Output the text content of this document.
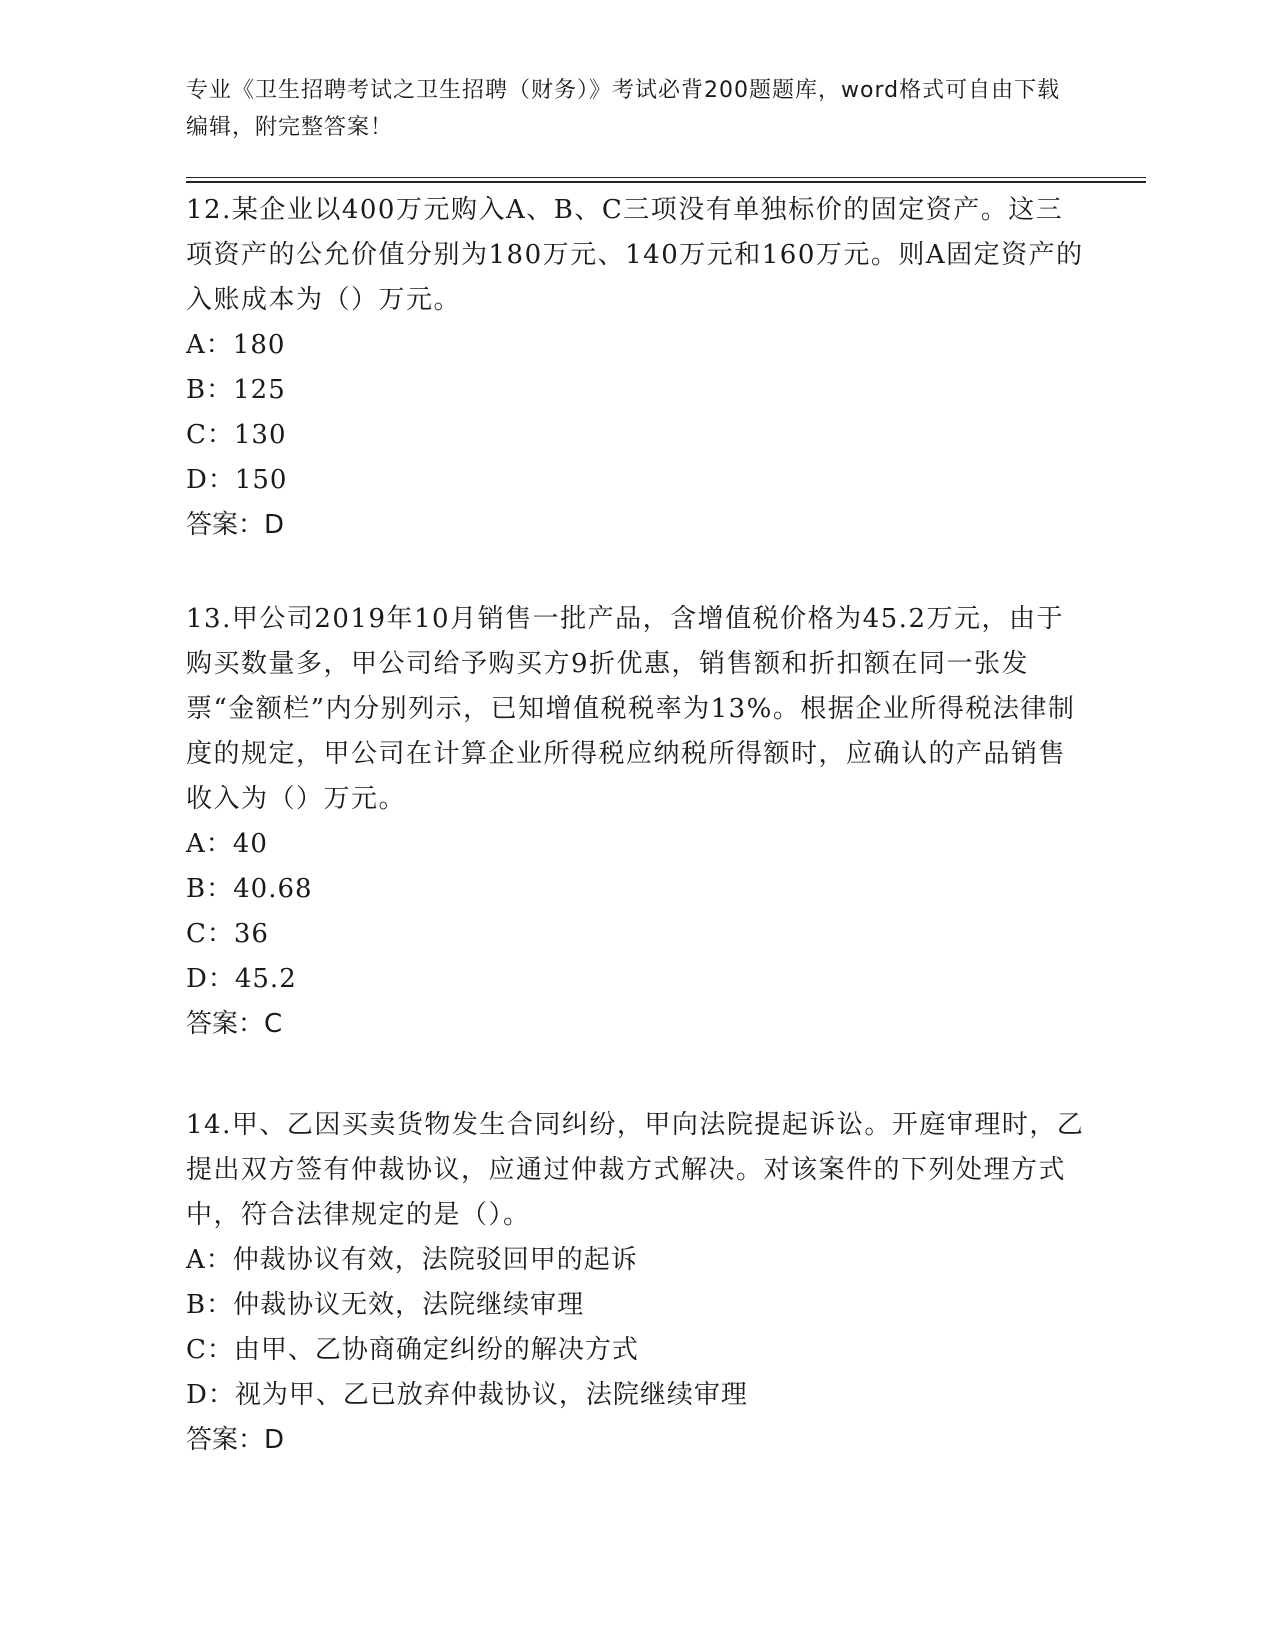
专业《卫生招聘考试之卫生招聘（财务）》考试必背200题题库，word格式可自由下载编辑，附完整答案！

12.某企业以400万元购入A、B、C三项没有单独标价的固定资产。这三项资产的公允价值分别为180万元、140万元和160万元。则A固定资产的入账成本为（）万元。

A：180

B：125

C：130

D：150

答案：D

13.甲公司2019年10月销售一批产品，含增值税价格为45.2万元，由于购买数量多，甲公司给予购买方9折优惠，销售额和折扣额在同一张发票“金额栏”内分别列示，已知增值税税率为13%。根据企业所得税法律制度的规定，甲公司在计算企业所得税应纳税所得额时，应确认的产品销售收入为（）万元。

A：40

B：40.68

C：36

D：45.2

答案：C

14.甲、乙因买卖货物发生合同纠纷，甲向法院提起诉讼。开庭审理时，乙提出双方签有仲裁协议，应通过仲裁方式解决。对该案件的下列处理方式中，符合法律规定的是（）。

A：仲裁协议有效，法院驳回甲的起诉

B：仲裁协议无效，法院继续审理

C：由甲、乙协商确定纠纷的解决方式

D：视为甲、乙已放弃仲裁协议，法院继续审理

答案：D
